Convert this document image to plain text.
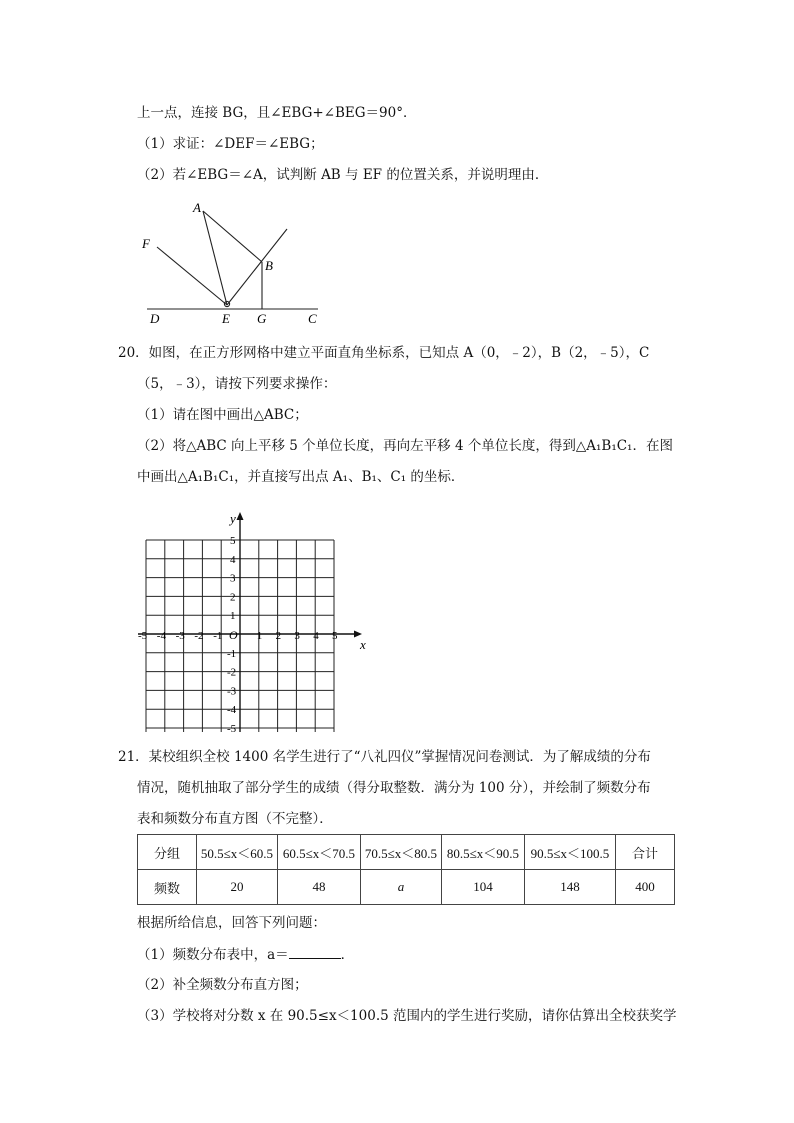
上一点，连接 BG，且∠EBG+∠BEG＝90°．
（1）求证：∠DEF＝∠EBG；
（2）若∠EBG＝∠A，试判断 AB 与 EF 的位置关系，并说明理由．
A
F
B
D	E G	C
20．如图，在正方形网格中建立平面直角坐标系，已知点 A（0，﹣2），B（2，﹣5），C
（5，﹣3），请按下列要求操作：
（1）请在图中画出△ABC；
（2）将△ABC 向上平移 5 个单位长度，再向左平移 4 个单位长度，得到△A₁B₁C₁．在图
中画出△A₁B₁C₁，并直接写出点 A₁、B₁、C₁ 的坐标．
x
y
O
-5 -4 -3 -2 -1	1 2 3 4 5
5
4
3
2
1
-1
-2
-3
-4
-5
21．某校组织全校 1400 名学生进行了“八礼四仪”掌握情况问卷测试．为了解成绩的分布
情况，随机抽取了部分学生的成绩（得分取整数．满分为 100 分），并绘制了频数分布
表和频数分布直方图（不完整）．
分组	50.5≤x＜60.5	60.5≤x＜70.5	70.5≤x＜80.5	80.5≤x＜90.5	90.5≤x＜100.5	合计
频数	20	48	a	104	148	400
根据所给信息，回答下列问题：
（1）频数分布表中，a＝	．
（2）补全频数分布直方图；
（3）学校将对分数 x 在 90.5≤x＜100.5 范围内的学生进行奖励，请你估算出全校获奖学
